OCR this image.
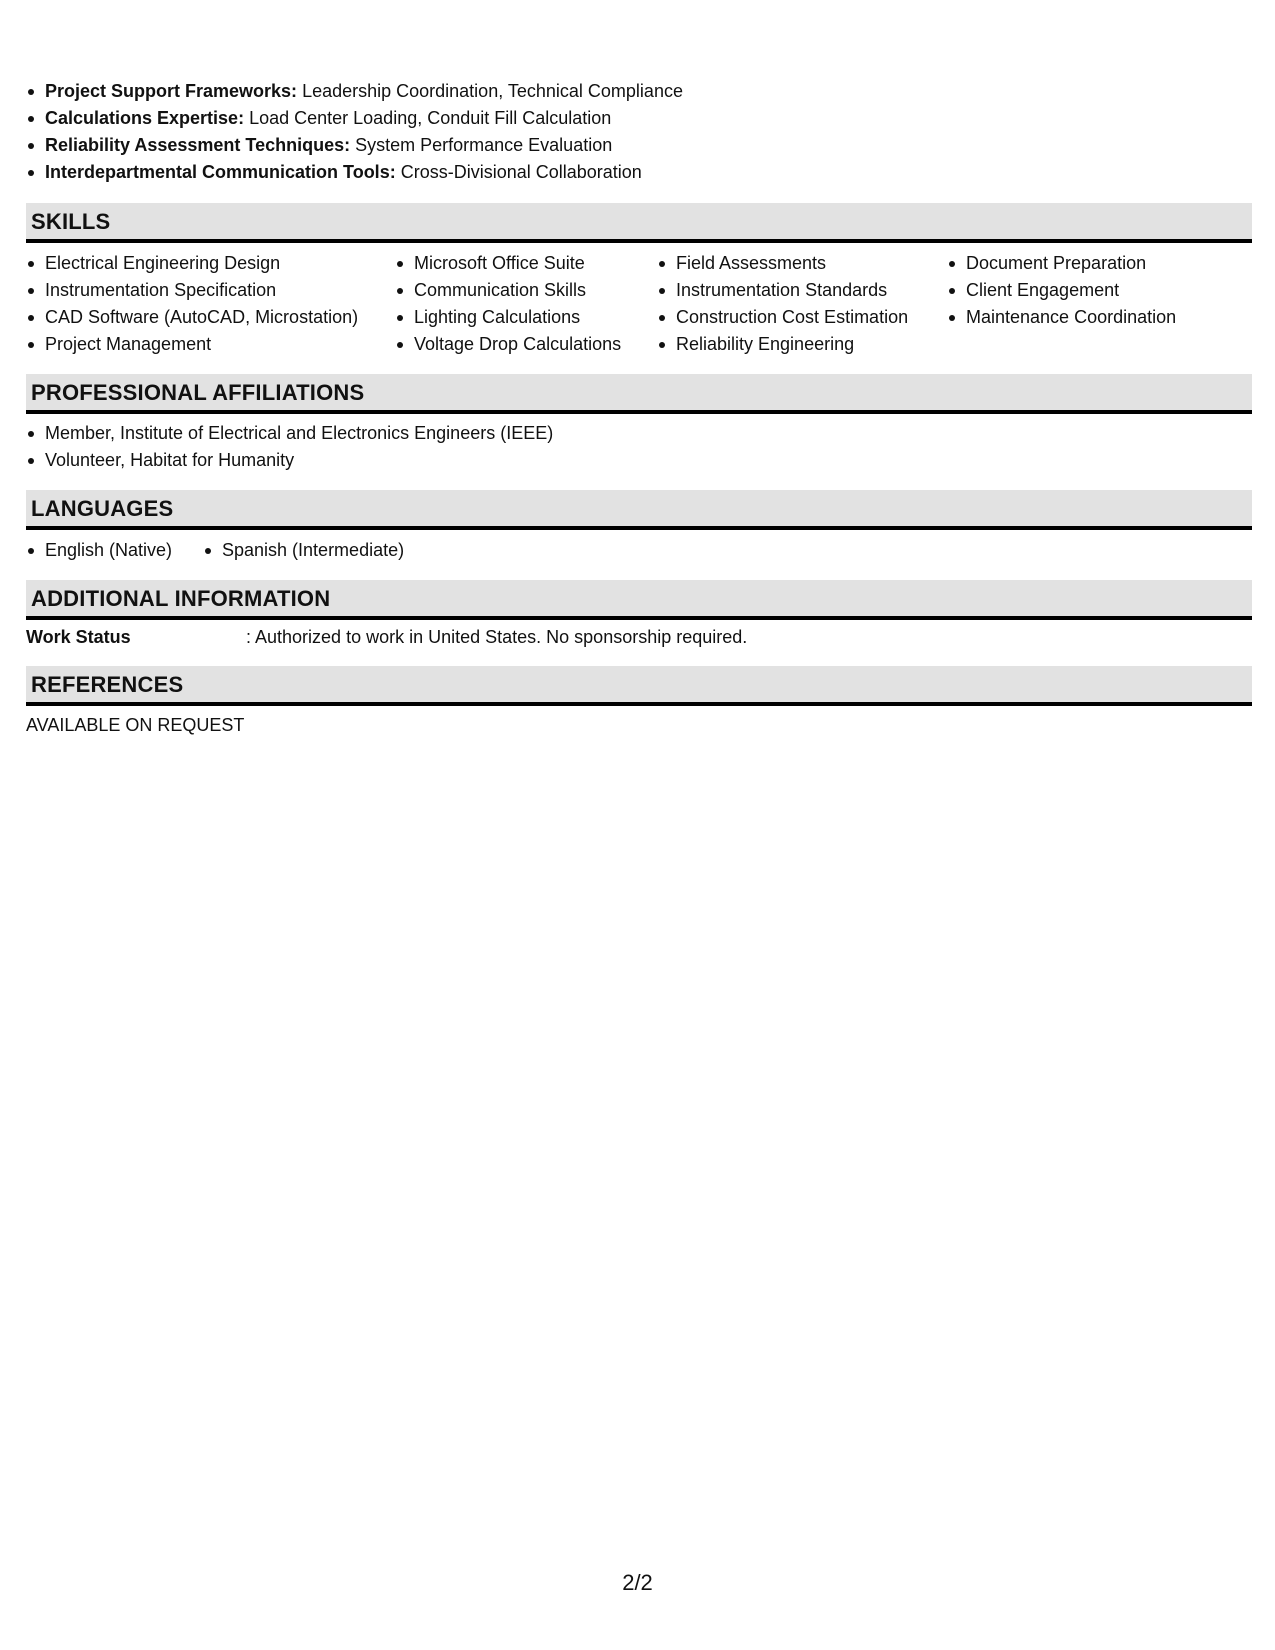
Project Support Frameworks: Leadership Coordination, Technical Compliance
Calculations Expertise: Load Center Loading, Conduit Fill Calculation
Reliability Assessment Techniques: System Performance Evaluation
Interdepartmental Communication Tools: Cross-Divisional Collaboration
SKILLS
Electrical Engineering Design
Instrumentation Specification
CAD Software (AutoCAD, Microstation)
Project Management
Microsoft Office Suite
Communication Skills
Lighting Calculations
Voltage Drop Calculations
Field Assessments
Instrumentation Standards
Construction Cost Estimation
Reliability Engineering
Document Preparation
Client Engagement
Maintenance Coordination
PROFESSIONAL AFFILIATIONS
Member, Institute of Electrical and Electronics Engineers (IEEE)
Volunteer, Habitat for Humanity
LANGUAGES
English (Native)	Spanish (Intermediate)
ADDITIONAL INFORMATION
Work Status	: Authorized to work in United States. No sponsorship required.
REFERENCES
AVAILABLE ON REQUEST
2/2
